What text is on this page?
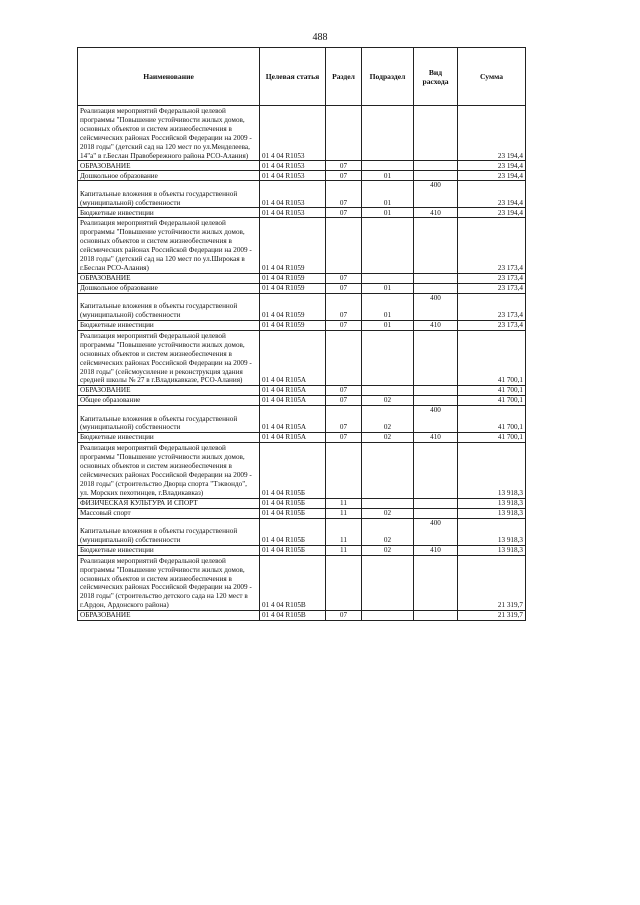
488
Наименование	Целевая статья	Раздел	Подраздел	Вид расхода	Сумма
Реализация мероприятий Федеральной целевой программы "Повышение устойчивости жилых домов, основных объектов и систем жизнеобеспечения в сейсмических районах Российской Федерации на 2009 - 2018 годы" (детский сад на 120 мест по ул.Менделеева, 14"а" в г.Беслан Правобережного района РСО-Алания)	01 4 04 R1053				23 194,4
ОБРАЗОВАНИЕ	01 4 04 R1053	07			23 194,4
Дошкольное образование	01 4 04 R1053	07	01		23 194,4
Капитальные вложения в объекты государственной (муниципальной) собственности	01 4 04 R1053	07	01	400	23 194,4
Бюджетные инвестиции	01 4 04 R1053	07	01	410	23 194,4
Реализация мероприятий Федеральной целевой программы "Повышение устойчивости жилых домов, основных объектов и систем жизнеобеспечения в сейсмических районах Российской Федерации на 2009 - 2018 годы" (детский сад на 120 мест по ул.Широкая в г.Беслан РСО-Алания)	01 4 04 R1059				23 173,4
ОБРАЗОВАНИЕ	01 4 04 R1059	07			23 173,4
Дошкольное образование	01 4 04 R1059	07	01		23 173,4
Капитальные вложения в объекты государственной (муниципальной) собственности	01 4 04 R1059	07	01	400	23 173,4
Бюджетные инвестиции	01 4 04 R1059	07	01	410	23 173,4
Реализация мероприятий Федеральной целевой программы "Повышение устойчивости жилых домов, основных объектов и систем жизнеобеспечения в сейсмических районах Российской Федерации на 2009 - 2018 годы" (сейсмоусиление и реконструкция здания средней школы № 27 в г.Владикавказе, РСО-Алания)	01 4 04 R105А				41 700,1
ОБРАЗОВАНИЕ	01 4 04 R105А	07			41 700,1
Общее образование	01 4 04 R105А	07	02		41 700,1
Капитальные вложения в объекты государственной (муниципальной) собственности	01 4 04 R105А	07	02	400	41 700,1
Бюджетные инвестиции	01 4 04 R105А	07	02	410	41 700,1
Реализация мероприятий Федеральной целевой программы "Повышение устойчивости жилых домов, основных объектов и систем жизнеобеспечения в сейсмических районах Российской Федерации на 2009 - 2018 годы" (строительство Дворца спорта "Тэквондо", ул. Морских пехотинцев, г.Владикавказ)	01 4 04 R105Б				13 918,3
ФИЗИЧЕСКАЯ КУЛЬТУРА И СПОРТ	01 4 04 R105Б	11			13 918,3
Массовый спорт	01 4 04 R105Б	11	02		13 918,3
Капитальные вложения в объекты государственной (муниципальной) собственности	01 4 04 R105Б	11	02	400	13 918,3
Бюджетные инвестиции	01 4 04 R105Б	11	02	410	13 918,3
Реализация мероприятий Федеральной целевой программы "Повышение устойчивости жилых домов, основных объектов и систем жизнеобеспечения в сейсмических районах Российской Федерации на 2009 - 2018 годы" (строительство детского сада на 120 мест в г.Ардон, Ардонского района)	01 4 04 R105В				21 319,7
ОБРАЗОВАНИЕ	01 4 04 R105В	07			21 319,7
